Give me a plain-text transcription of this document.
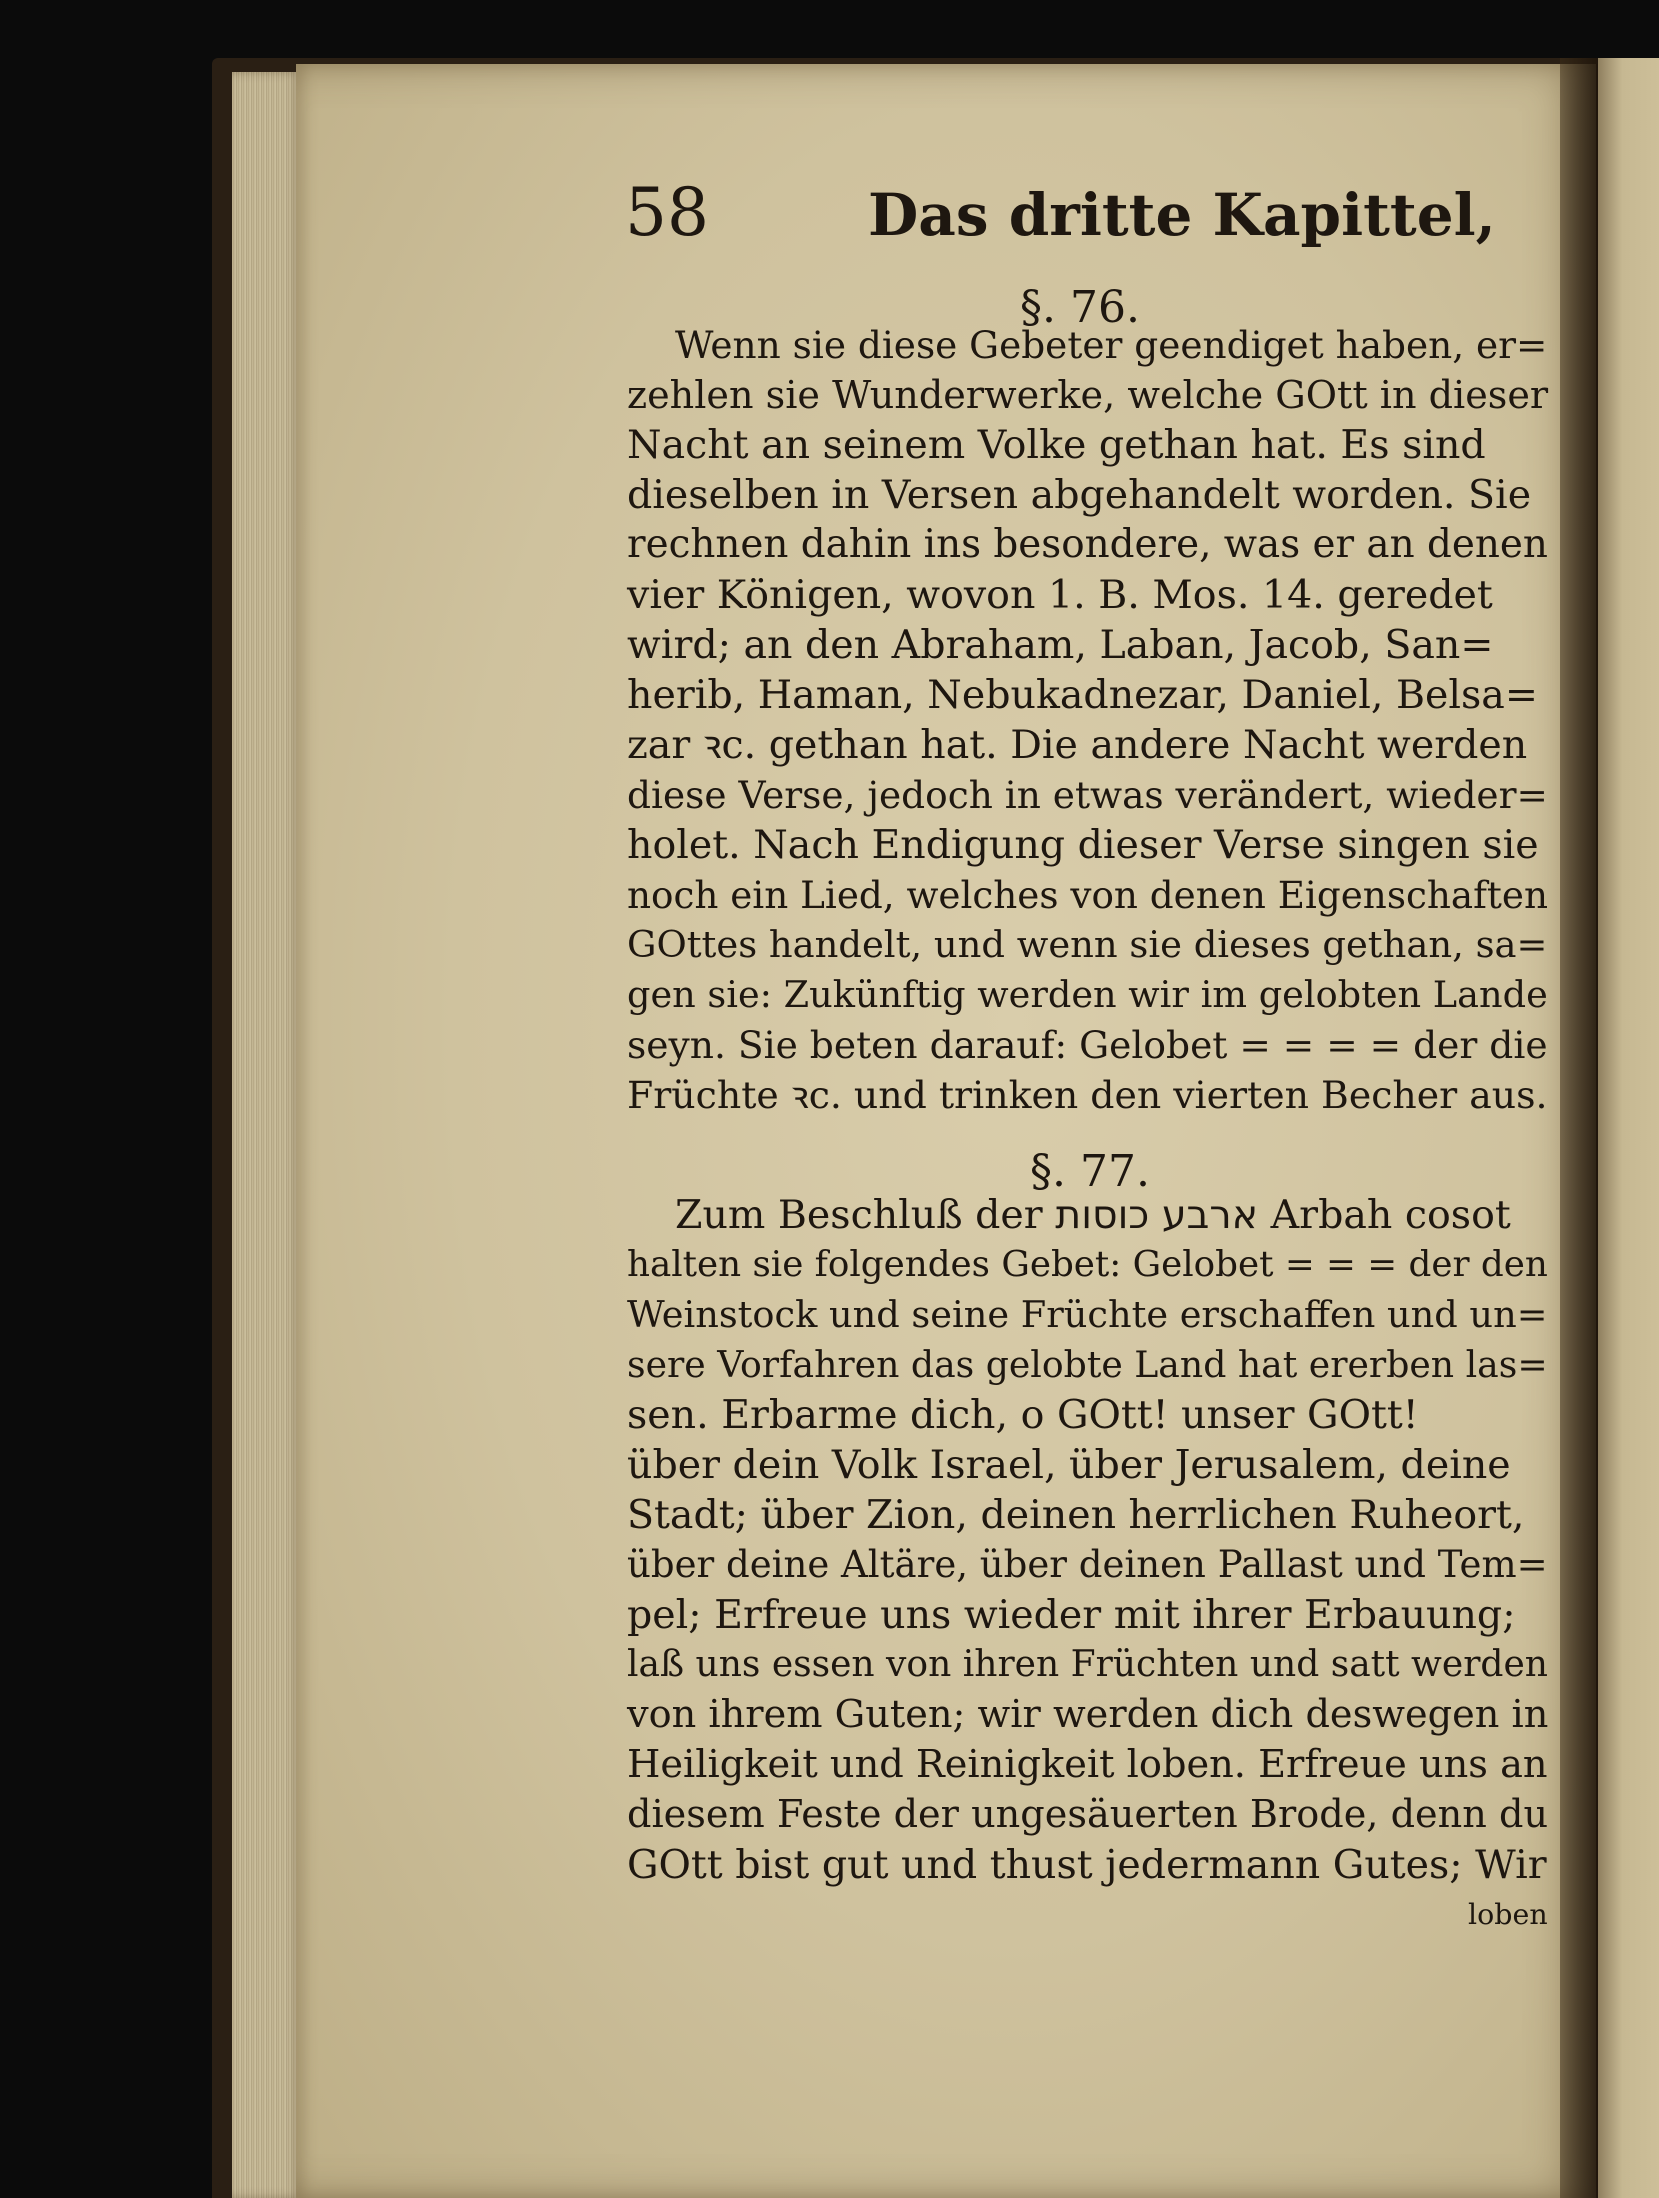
58	Das dritte Kapittel,
§. 76.
Wenn sie diese Gebeter geendiget haben, er=
zehlen sie Wunderwerke, welche GOtt in dieser
Nacht an seinem Volke gethan hat. Es sind
dieselben in Versen abgehandelt worden. Sie
rechnen dahin ins besondere, was er an denen
vier Königen, wovon 1. B. Mos. 14. geredet
wird; an den Abraham, Laban, Jacob, San=
herib, Haman, Nebukadnezar, Daniel, Belsa=
zar ꝛc. gethan hat. Die andere Nacht werden
diese Verse, jedoch in etwas verändert, wieder=
holet. Nach Endigung dieser Verse singen sie
noch ein Lied, welches von denen Eigenschaften
GOttes handelt, und wenn sie dieses gethan, sa=
gen sie: Zukünftig werden wir im gelobten Lande
seyn. Sie beten darauf: Gelobet = = = = der die
Früchte ꝛc. und trinken den vierten Becher aus.
§. 77.
Zum Beschluß der ארבע כוסות Arbah cosot
halten sie folgendes Gebet: Gelobet = = = der den
Weinstock und seine Früchte erschaffen und un=
sere Vorfahren das gelobte Land hat ererben las=
sen. Erbarme dich, o GOtt! unser GOtt!
über dein Volk Israel, über Jerusalem, deine
Stadt; über Zion, deinen herrlichen Ruheort,
über deine Altäre, über deinen Pallast und Tem=
pel; Erfreue uns wieder mit ihrer Erbauung;
laß uns essen von ihren Früchten und satt werden
von ihrem Guten; wir werden dich deswegen in
Heiligkeit und Reinigkeit loben. Erfreue uns an
diesem Feste der ungesäuerten Brode, denn du
GOtt bist gut und thust jedermann Gutes; Wir
loben
